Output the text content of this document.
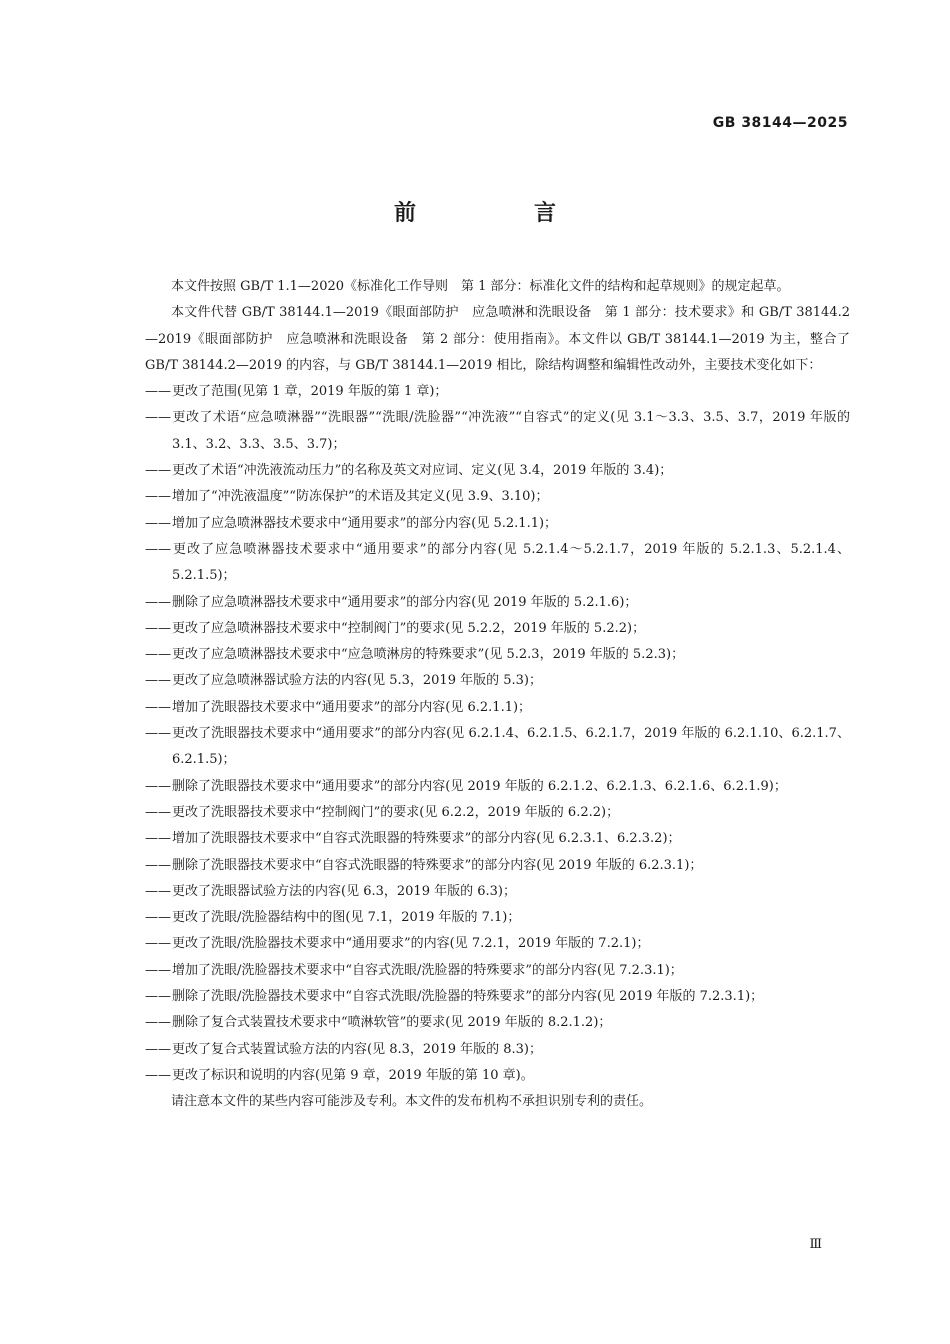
GB 38144—2025
前　言

本文件按照 GB/T 1.1—2020《标准化工作导则　第 1 部分：标准化文件的结构和起草规则》的规定起草。

本文件代替 GB/T 38144.1—2019《眼面部防护　应急喷淋和洗眼设备　第 1 部分：技术要求》和 GB/T 38144.2—2019《眼面部防护　应急喷淋和洗眼设备　第 2 部分：使用指南》。本文件以 GB/T 38144.1—2019 为主，整合了 GB/T 38144.2—2019 的内容，与 GB/T 38144.1—2019 相比，除结构调整和编辑性改动外，主要技术变化如下：

——更改了范围(见第 1 章，2019 年版的第 1 章)；

——更改了术语“应急喷淋器”“洗眼器”“洗眼/洗脸器”“冲洗液”“自容式”的定义(见 3.1～3.3、3.5、3.7，2019 年版的 3.1、3.2、3.3、3.5、3.7)；

——更改了术语“冲洗液流动压力”的名称及英文对应词、定义(见 3.4，2019 年版的 3.4)；

——增加了“冲洗液温度”“防冻保护”的术语及其定义(见 3.9、3.10)；

——增加了应急喷淋器技术要求中“通用要求”的部分内容(见 5.2.1.1)；

——更改了应急喷淋器技术要求中“通用要求”的部分内容(见 5.2.1.4～5.2.1.7，2019 年版的 5.2.1.3、5.2.1.4、5.2.1.5)；

——删除了应急喷淋器技术要求中“通用要求”的部分内容(见 2019 年版的 5.2.1.6)；

——更改了应急喷淋器技术要求中“控制阀门”的要求(见 5.2.2，2019 年版的 5.2.2)；

——更改了应急喷淋器技术要求中“应急喷淋房的特殊要求”(见 5.2.3，2019 年版的 5.2.3)；

——更改了应急喷淋器试验方法的内容(见 5.3，2019 年版的 5.3)；

——增加了洗眼器技术要求中“通用要求”的部分内容(见 6.2.1.1)；

——更改了洗眼器技术要求中“通用要求”的部分内容(见 6.2.1.4、6.2.1.5、6.2.1.7，2019 年版的 6.2.1.10、6.2.1.7、6.2.1.5)；

——删除了洗眼器技术要求中“通用要求”的部分内容(见 2019 年版的 6.2.1.2、6.2.1.3、6.2.1.6、6.2.1.9)；

——更改了洗眼器技术要求中“控制阀门”的要求(见 6.2.2，2019 年版的 6.2.2)；

——增加了洗眼器技术要求中“自容式洗眼器的特殊要求”的部分内容(见 6.2.3.1、6.2.3.2)；

——删除了洗眼器技术要求中“自容式洗眼器的特殊要求”的部分内容(见 2019 年版的 6.2.3.1)；

——更改了洗眼器试验方法的内容(见 6.3，2019 年版的 6.3)；

——更改了洗眼/洗脸器结构中的图(见 7.1，2019 年版的 7.1)；

——更改了洗眼/洗脸器技术要求中“通用要求”的内容(见 7.2.1，2019 年版的 7.2.1)；

——增加了洗眼/洗脸器技术要求中“自容式洗眼/洗脸器的特殊要求”的部分内容(见 7.2.3.1)；

——删除了洗眼/洗脸器技术要求中“自容式洗眼/洗脸器的特殊要求”的部分内容(见 2019 年版的 7.2.3.1)；

——删除了复合式装置技术要求中“喷淋软管”的要求(见 2019 年版的 8.2.1.2)；

——更改了复合式装置试验方法的内容(见 8.3，2019 年版的 8.3)；

——更改了标识和说明的内容(见第 9 章，2019 年版的第 10 章)。

请注意本文件的某些内容可能涉及专利。本文件的发布机构不承担识别专利的责任。

Ⅲ
